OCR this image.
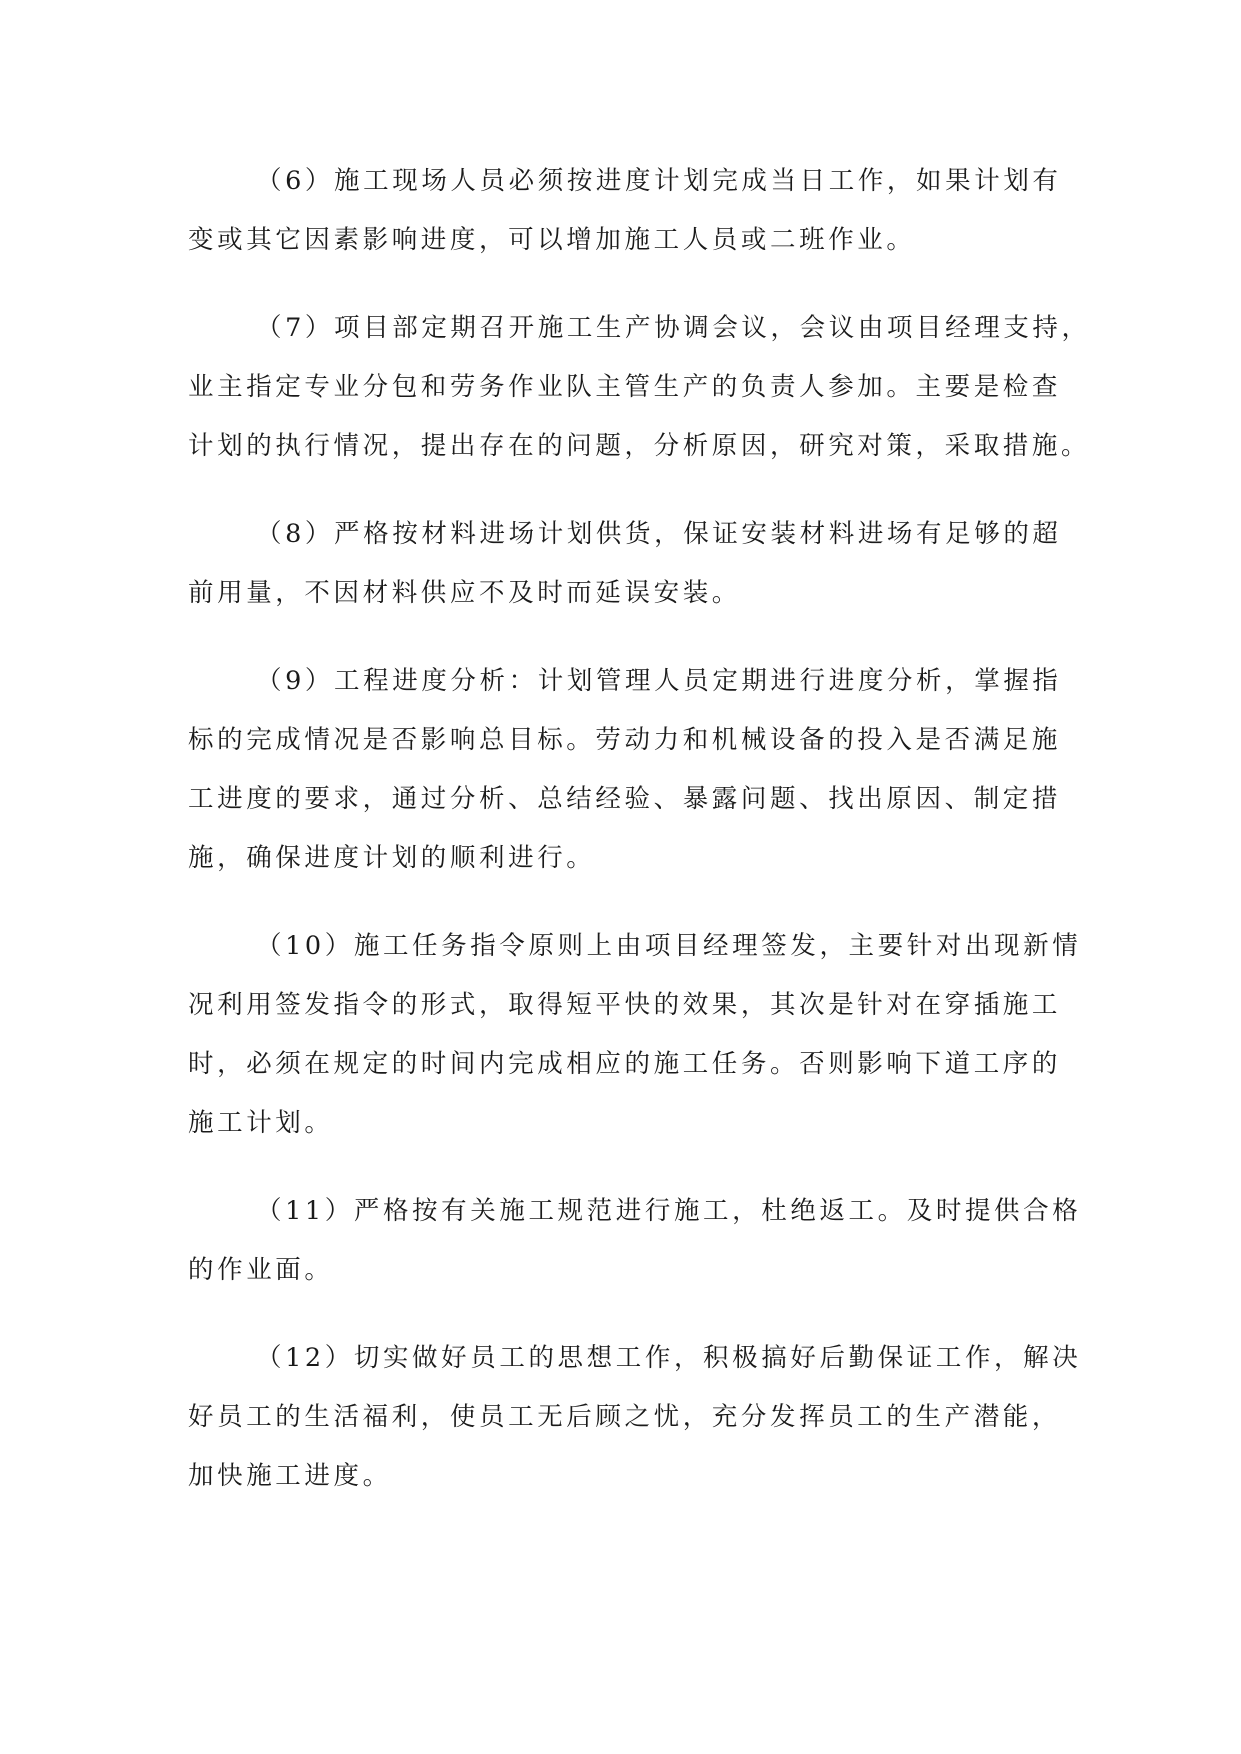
（6）施工现场人员必须按进度计划完成当日工作，如果计划有
变或其它因素影响进度，可以增加施工人员或二班作业。

（7）项目部定期召开施工生产协调会议，会议由项目经理支持，
业主指定专业分包和劳务作业队主管生产的负责人参加。主要是检查
计划的执行情况，提出存在的问题，分析原因，研究对策，采取措施。

（8）严格按材料进场计划供货，保证安装材料进场有足够的超
前用量，不因材料供应不及时而延误安装。

（9）工程进度分析：计划管理人员定期进行进度分析，掌握指
标的完成情况是否影响总目标。劳动力和机械设备的投入是否满足施
工进度的要求，通过分析、总结经验、暴露问题、找出原因、制定措
施，确保进度计划的顺利进行。

（10）施工任务指令原则上由项目经理签发，主要针对出现新情
况利用签发指令的形式，取得短平快的效果，其次是针对在穿插施工
时，必须在规定的时间内完成相应的施工任务。否则影响下道工序的
施工计划。

（11）严格按有关施工规范进行施工，杜绝返工。及时提供合格
的作业面。

（12）切实做好员工的思想工作，积极搞好后勤保证工作，解决
好员工的生活福利，使员工无后顾之忧，充分发挥员工的生产潜能，
加快施工进度。
